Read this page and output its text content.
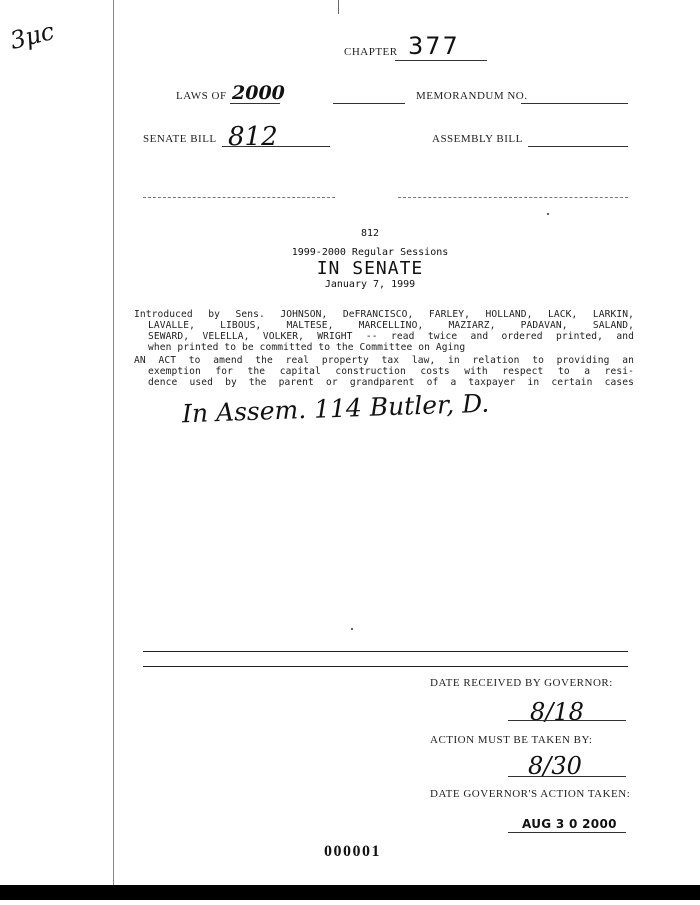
3μc	CHAPTER 377
LAWS OF 2000	MEMORANDUM NO.
SENATE BILL 812	ASSEMBLY BILL
812
1999-2000 Regular Sessions
IN SENATE
January 7, 1999
Introduced by Sens. JOHNSON, DeFRANCISCO, FARLEY, HOLLAND, LACK, LARKIN,
LAVALLE, LIBOUS, MALTESE, MARCELLINO, MAZIARZ, PADAVAN, SALAND,
SEWARD, VELELLA, VOLKER, WRIGHT -- read twice and ordered printed, and
when printed to be committed to the Committee on Aging
AN ACT to amend the real property tax law, in relation to providing an
exemption for the capital construction costs with respect to a resi-
dence used by the parent or grandparent of a taxpayer in certain cases
In Assem. 114 Butler, D.
DATE RECEIVED BY GOVERNOR:
8/18
ACTION MUST BE TAKEN BY:
8/30
DATE GOVERNOR'S ACTION TAKEN:
AUG 3 0 2000
000001
